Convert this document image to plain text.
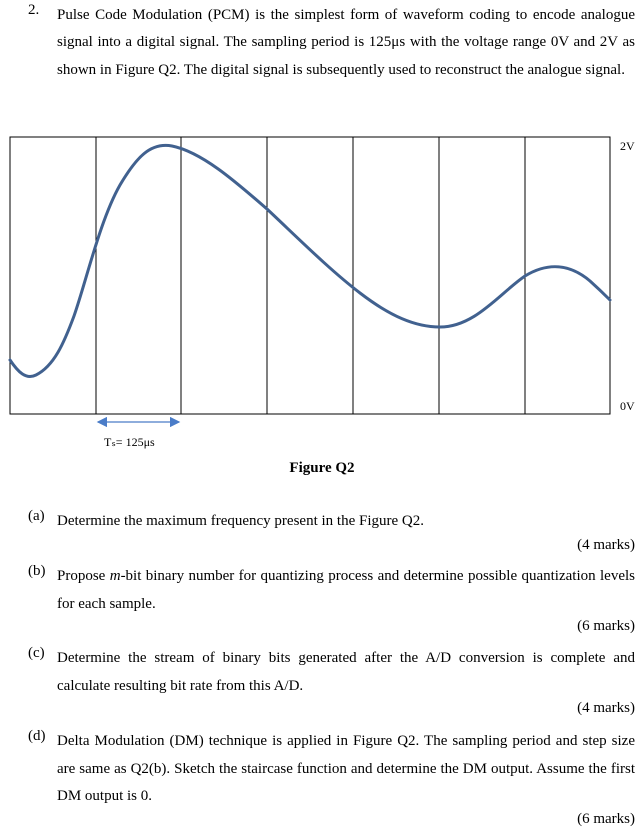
2. Pulse Code Modulation (PCM) is the simplest form of waveform coding to encode analogue signal into a digital signal. The sampling period is 125μs with the voltage range 0V and 2V as shown in Figure Q2. The digital signal is subsequently used to reconstruct the analogue signal.
2V
0V
Tₛ= 125μs
Figure Q2
(a) Determine the maximum frequency present in the Figure Q2.
(4 marks)
(b) Propose m-bit binary number for quantizing process and determine possible quantization levels for each sample.
(6 marks)
(c) Determine the stream of binary bits generated after the A/D conversion is complete and calculate resulting bit rate from this A/D.
(4 marks)
(d) Delta Modulation (DM) technique is applied in Figure Q2. The sampling period and step size are same as Q2(b). Sketch the staircase function and determine the DM output. Assume the first DM output is 0.
(6 marks)
